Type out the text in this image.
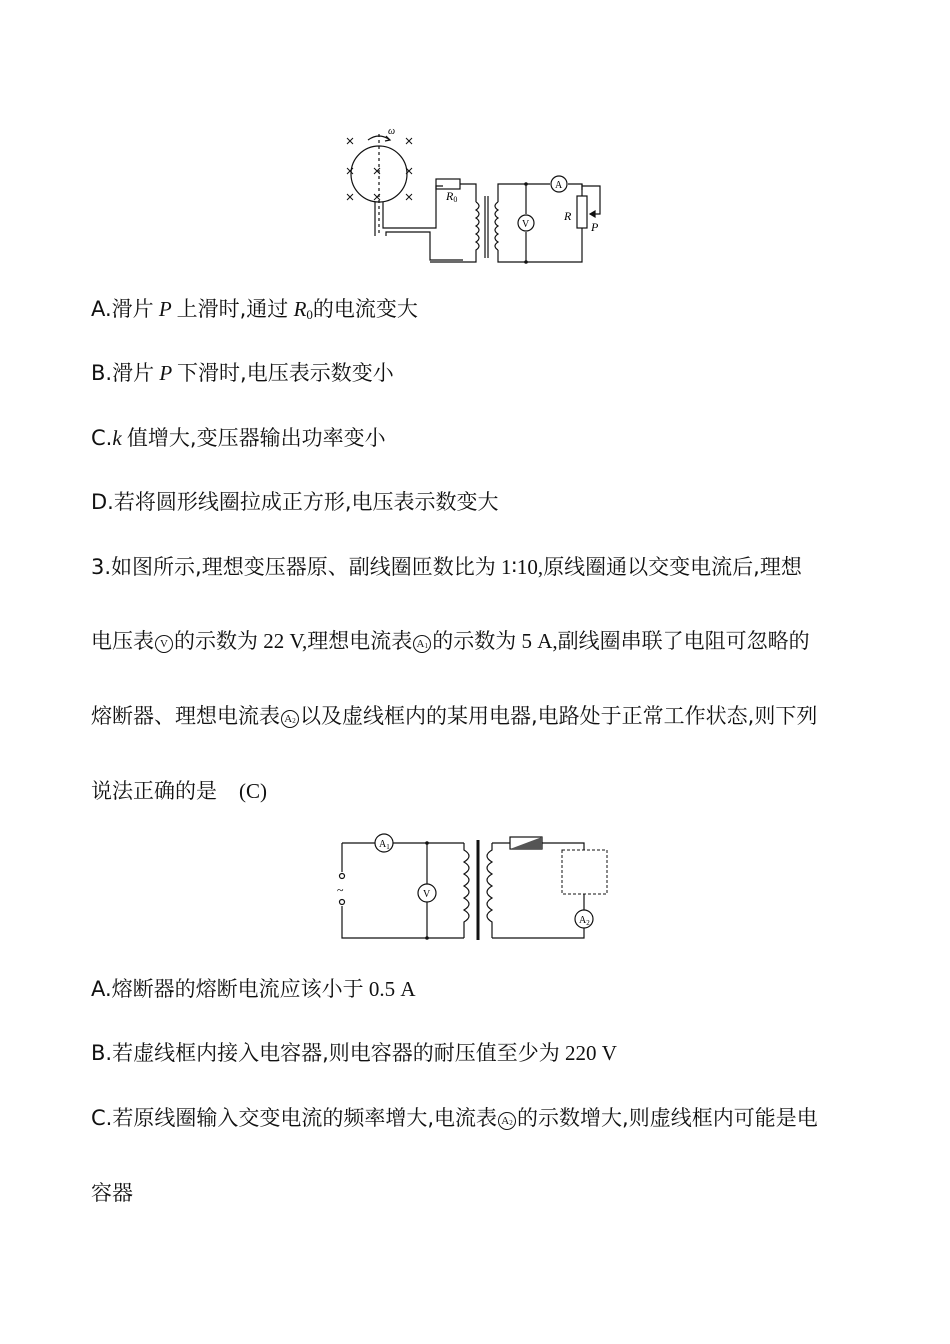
R0
R
P
ω
A
V
A.滑片 P 上滑时,通过 $R_0$的电流变大
B.滑片 P 下滑时,电压表示数变小
C.k 值增大,变压器输出功率变小
D.若将圆形线圈拉成正方形,电压表示数变大
3.如图所示,理想变压器原、副线圈匝数比为 1∶10,原线圈通以交变电流后,理想
电压表 V 的示数为 22 V,理想电流表 $A_1$ 的示数为 5 A,副线圈串联了电阻可忽略的
熔断器、理想电流表 $A_2$ 以及虚线框内的某用电器,电路处于正常工作状态,则下列
说法正确的是 (C)
~
$A_1$
V
$A_2$
A.熔断器的熔断电流应该小于 0.5 A
B.若虚线框内接入电容器,则电容器的耐压值至少为 220 V
C.若原线圈输入交变电流的频率增大,电流表 $A_2$ 的示数增大,则虚线框内可能是电
容器
